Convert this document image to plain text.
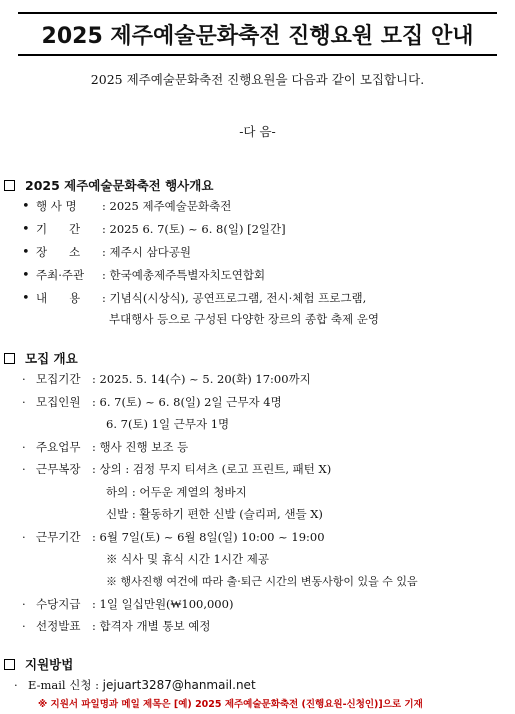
2025 제주예술문화축전 진행요원 모집 안내
2025 제주예술문화축전 진행요원을 다음과 같이 모집합니다.
-다 음-
2025 제주예술문화축전 행사개요
• 행 사 명 : 2025 제주예술문화축전
• 기      간 : 2025 6. 7(토) ~ 6. 8(일) [2일간]
• 장      소 : 제주시 삼다공원
• 주최·주관 : 한국예총제주특별자치도연합회
• 내      용 : 기념식(시상식), 공연프로그램, 전시·체험 프로그램,
부대행사 등으로 구성된 다양한 장르의 종합 축제 운영
모집 개요
· 모집기간 : 2025. 5. 14(수) ~ 5. 20(화) 17:00까지
· 모집인원 : 6. 7(토) ~ 6. 8(일) 2일 근무자 4명
6. 7(토) 1일 근무자 1명
· 주요업무 : 행사 진행 보조 등
· 근무복장 : 상의 : 검정 무지 티셔츠 (로고 프린트, 패턴 X)
하의 : 어두운 계열의 청바지
신발 : 활동하기 편한 신발 (슬리퍼, 샌들 X)
· 근무기간 : 6월 7일(토) ~ 6월 8일(일) 10:00 ~ 19:00
※ 식사 및 휴식 시간 1시간 제공
※ 행사진행 여건에 따라 출·퇴근 시간의 변동사항이 있을 수 있음
· 수당지급 : 1일 일십만원(₩100,000)
· 선정발표 : 합격자 개별 통보 예정
지원방법
· E-mail 신청 : jejuart3287@hanmail.net
※ 지원서 파일명과 메일 제목은 [예) 2025 제주예술문화축전 (진행요원-신청인)]으로 기재
